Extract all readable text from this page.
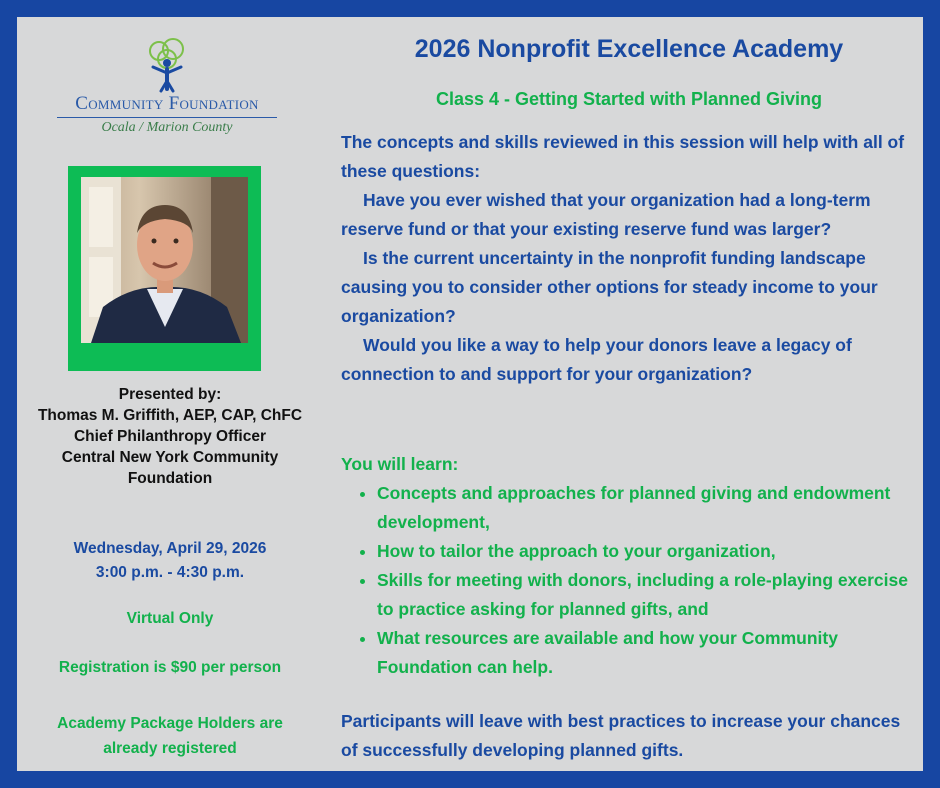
Community Foundation
Ocala / Marion County
Presented by:
Thomas M. Griffith, AEP, CAP, ChFC
Chief Philanthropy Officer
Central New York Community
Foundation
Wednesday, April 29, 2026
3:00 p.m. - 4:30 p.m.
Virtual Only
Registration is $90 per person
Academy Package Holders are
already registered
2026 Nonprofit Excellence Academy
Class 4 - Getting Started with Planned Giving

The concepts and skills reviewed in this session will help with all of these questions:

Have you ever wished that your organization had a long-term reserve fund or that your existing reserve fund was larger?

Is the current uncertainty in the nonprofit funding landscape causing you to consider other options for steady income to your organization?

Would you like a way to help your donors leave a legacy of connection to and support for your organization?

You will learn:
• Concepts and approaches for planned giving and endowment development,
• How to tailor the approach to your organization,
• Skills for meeting with donors, including a role-playing exercise to practice asking for planned gifts, and
• What resources are available and how your Community Foundation can help.
Participants will leave with best practices to increase your chances of successfully developing planned gifts.
